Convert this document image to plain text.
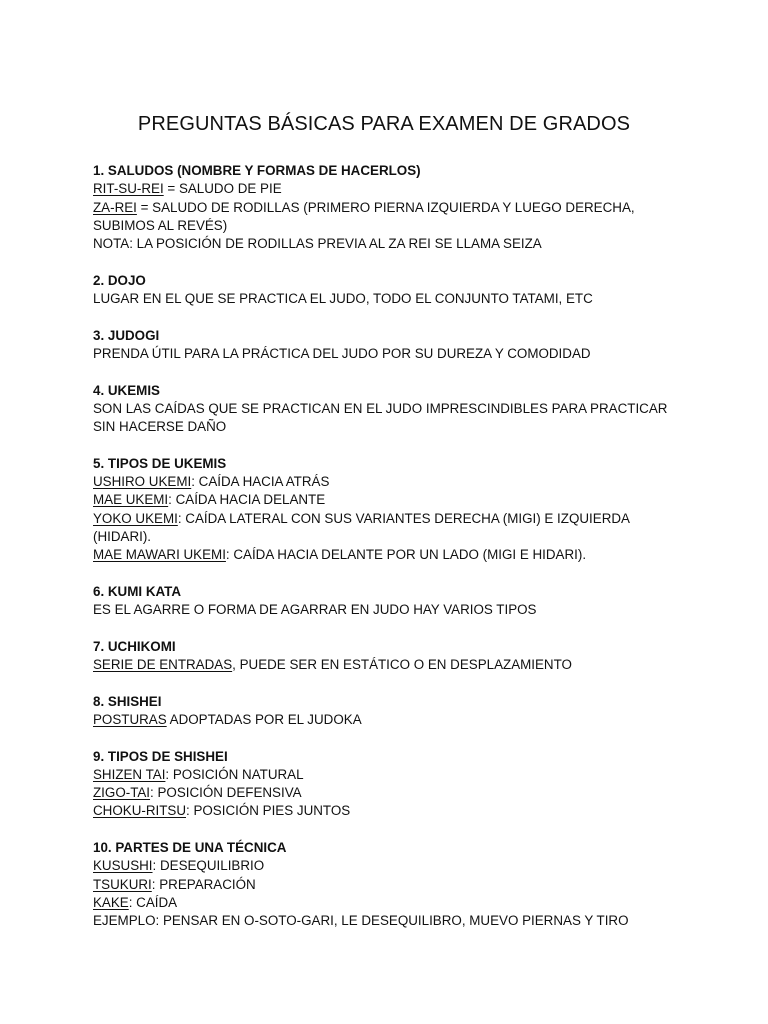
PREGUNTAS BÁSICAS PARA EXAMEN DE GRADOS
1. SALUDOS (NOMBRE Y FORMAS DE HACERLOS)
RIT-SU-REI = SALUDO DE PIE
ZA-REI = SALUDO DE RODILLAS (PRIMERO PIERNA IZQUIERDA Y LUEGO DERECHA, SUBIMOS AL REVÉS)
NOTA: LA POSICIÓN DE RODILLAS PREVIA AL ZA REI SE LLAMA SEIZA
2. DOJO
LUGAR EN EL QUE SE PRACTICA EL JUDO, TODO EL CONJUNTO TATAMI, ETC
3. JUDOGI
PRENDA ÚTIL PARA LA PRÁCTICA DEL JUDO POR SU DUREZA Y COMODIDAD
4. UKEMIS
SON LAS CAÍDAS QUE SE PRACTICAN EN EL JUDO IMPRESCINDIBLES PARA PRACTICAR SIN HACERSE DAÑO
5. TIPOS DE UKEMIS
USHIRO UKEMI: CAÍDA HACIA ATRÁS
MAE UKEMI: CAÍDA HACIA DELANTE
YOKO UKEMI: CAÍDA LATERAL CON SUS VARIANTES DERECHA (MIGI) E IZQUIERDA (HIDARI).
MAE MAWARI UKEMI: CAÍDA HACIA DELANTE POR UN LADO (MIGI E HIDARI).
6. KUMI KATA
ES EL AGARRE O FORMA DE AGARRAR EN JUDO HAY VARIOS TIPOS
7. UCHIKOMI
SERIE DE ENTRADAS, PUEDE SER EN ESTÁTICO O EN DESPLAZAMIENTO
8. SHISHEI
POSTURAS ADOPTADAS POR EL JUDOKA
9. TIPOS DE SHISHEI
SHIZEN TAI: POSICIÓN NATURAL
ZIGO-TAI: POSICIÓN DEFENSIVA
CHOKU-RITSU: POSICIÓN PIES JUNTOS
10. PARTES DE UNA TÉCNICA
KUSUSHI: DESEQUILIBRIO
TSUKURI: PREPARACIÓN
KAKE: CAÍDA
EJEMPLO: PENSAR EN O-SOTO-GARI, LE DESEQUILIBRO, MUEVO PIERNAS Y TIRO
